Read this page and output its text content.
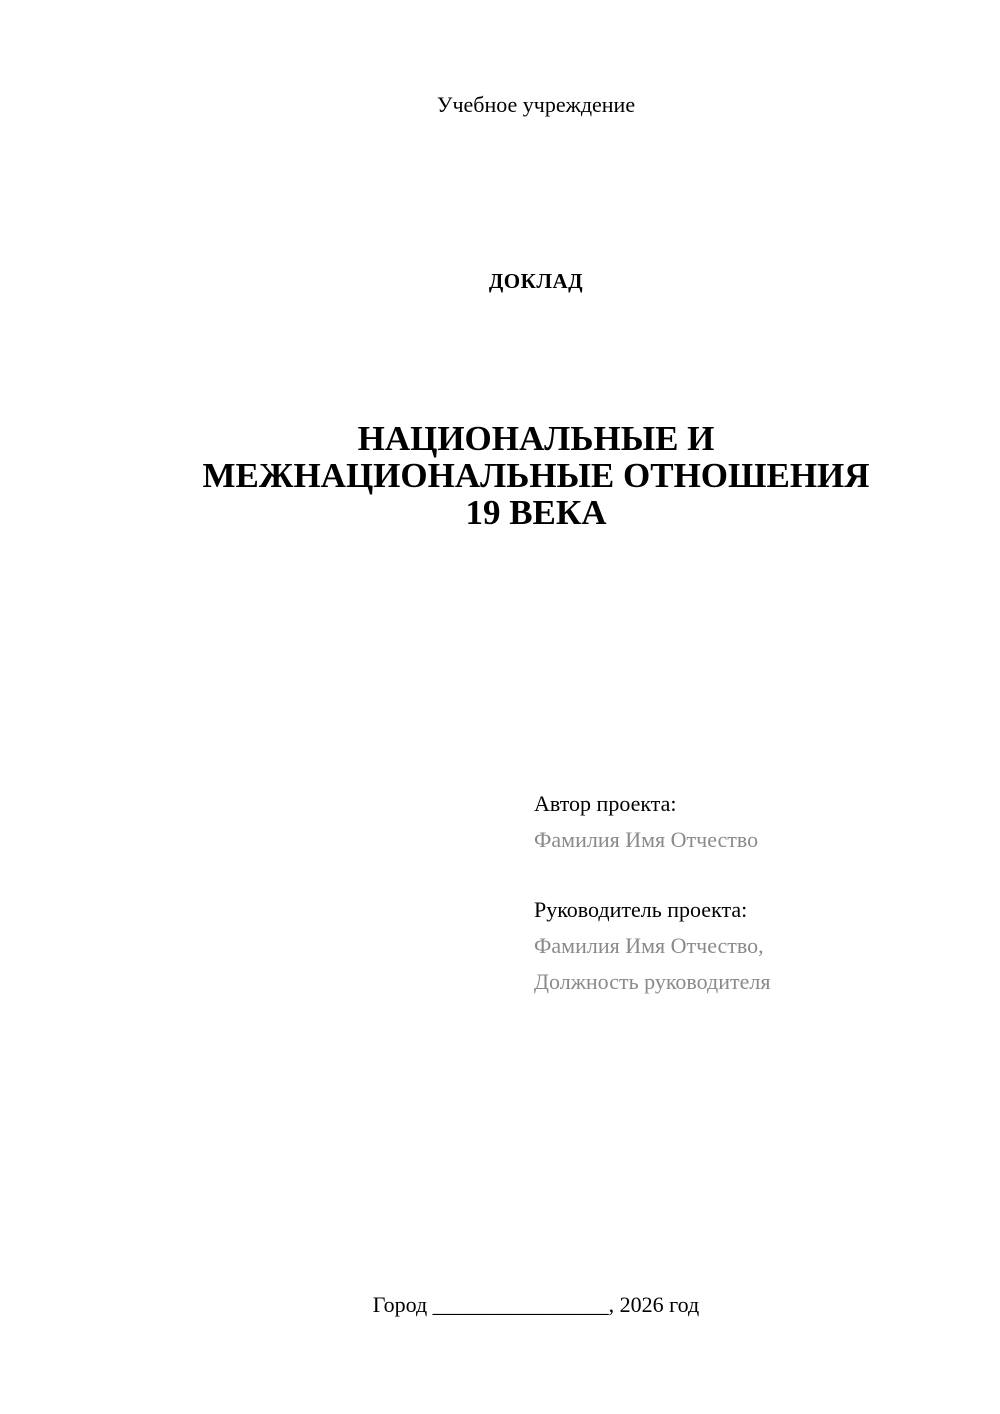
Учебное учреждение
ДОКЛАД
НАЦИОНАЛЬНЫЕ И
МЕЖНАЦИОНАЛЬНЫЕ ОТНОШЕНИЯ
19 ВЕКА
Автор проекта:
Фамилия Имя Отчество
Руководитель проекта:
Фамилия Имя Отчество,
Должность руководителя
Город ________________, 2026 год
